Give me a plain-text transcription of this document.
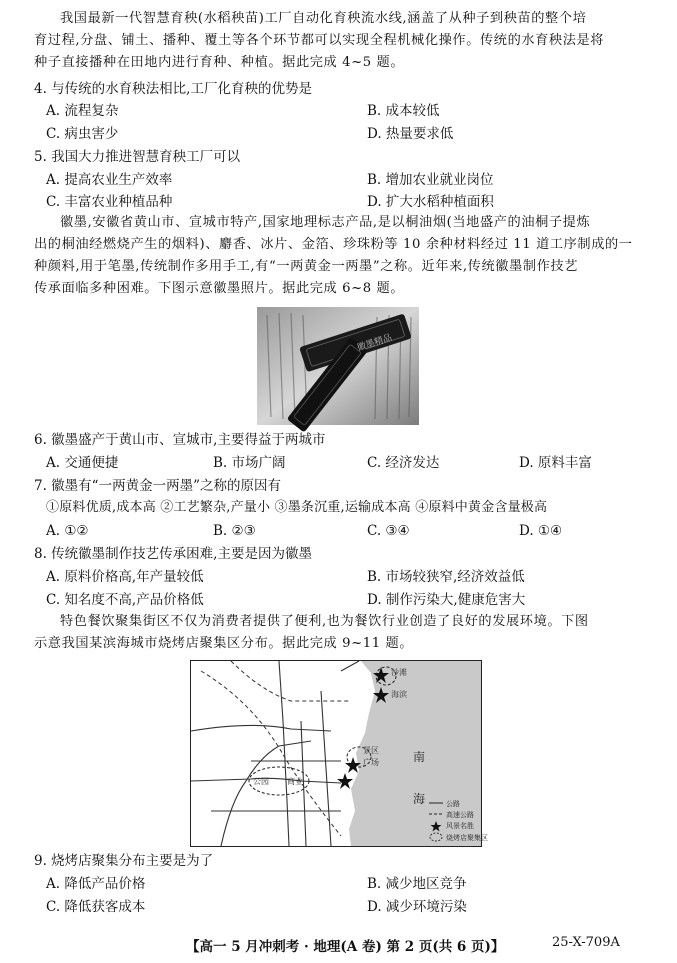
我国最新一代智慧育秧(水稻秧苗)工厂自动化育秧流水线,涵盖了从种子到秧苗的整个培
育过程,分盘、铺土、播种、覆土等各个环节都可以实现全程机械化操作。传统的水育秧法是将
种子直接播种在田地内进行育种、种植。据此完成 4~5 题。
4. 与传统的水育秧法相比,工厂化育秧的优势是
A. 流程复杂	B. 成本较低
C. 病虫害少	D. 热量要求低
5. 我国大力推进智慧育秧工厂可以
A. 提高农业生产效率	B. 增加农业就业岗位
C. 丰富农业种植品种	D. 扩大水稻种植面积
徽墨,安徽省黄山市、宣城市特产,国家地理标志产品,是以桐油烟(当地盛产的油桐子提炼
出的桐油经燃烧产生的烟料)、麝香、冰片、金箔、珍珠粉等 10 余种材料经过 11 道工序制成的一
种颜料,用于笔墨,传统制作多用手工,有“一两黄金一两墨”之称。近年来,传统徽墨制作技艺
传承面临多种困难。下图示意徽墨照片。据此完成 6~8 题。
徽墨精品
6. 徽墨盛产于黄山市、宣城市,主要得益于两城市
A. 交通便捷	B. 市场广阔	C. 经济发达	D. 原料丰富
7. 徽墨有“一两黄金一两墨”之称的原因有
①原料优质,成本高 ②工艺繁杂,产量小 ③墨条沉重,运输成本高 ④原料中黄金含量极高
A. ①②	B. ②③	C. ③④	D. ①④
8. 传统徽墨制作技艺传承困难,主要是因为徽墨
A. 原料价格高,年产量较低	B. 市场较狭窄,经济效益低
C. 知名度不高,产品价格低	D. 制作污染大,健康危害大
特色餐饮聚集街区不仅为消费者提供了便利,也为餐饮行业创造了良好的发展环境。下图
示意我国某滨海城市烧烤店聚集区分布。据此完成 9~11 题。
沙滩
海滨
景区
广场
公园 商业
南
海	公路
高速公路
风景名胜
烧烤店聚集区
9. 烧烤店聚集分布主要是为了
A. 降低产品价格	B. 减少地区竞争
C. 降低获客成本	D. 减少环境污染
【高一 5 月冲刺考 · 地理(A 卷) 第 2 页(共 6 页)】	25-X-709A
